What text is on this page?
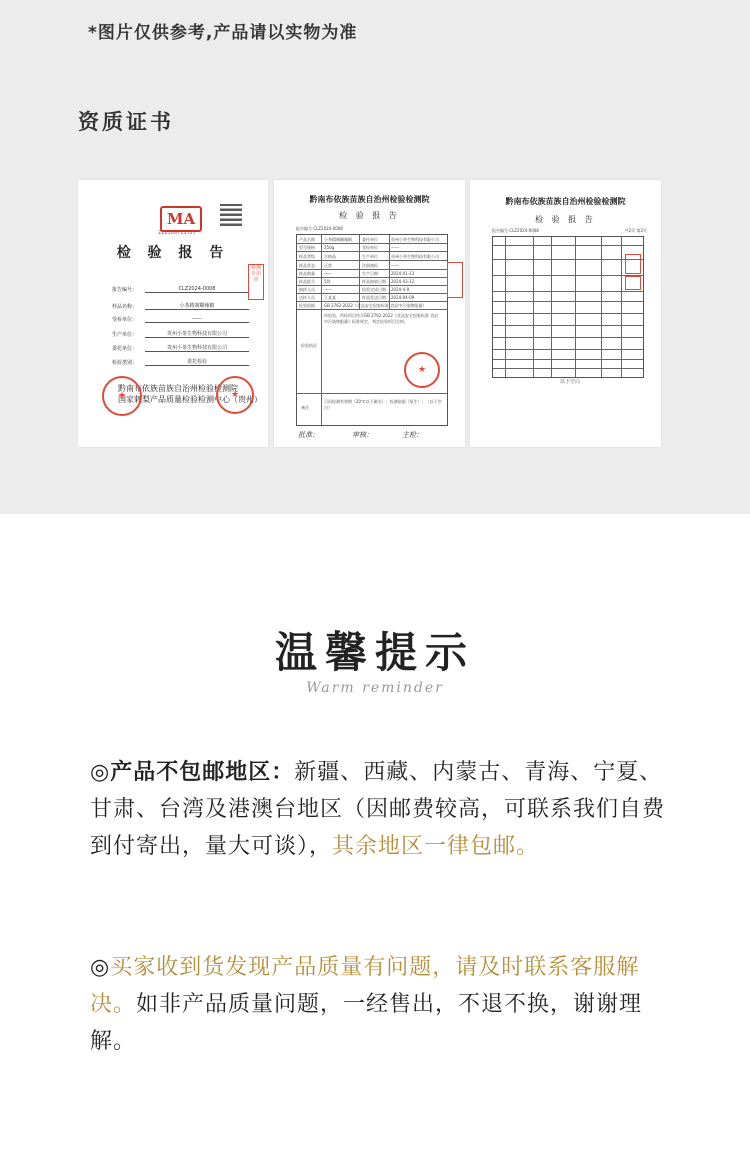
*图片仅供参考,产品请以实物为准
资质证书
MA
212300711727
检 验 报 告
报告编号：	CLZ2024-0008
样品名称：	小茶精制糊辣椒
受检单位：	——
生产单位：	贵州小茶生物科技有限公司
委托单位：	贵州小茶生物科技有限公司
检验类别：	委托检验
黔南布依族苗族自治州检验检测院
国家刺梨产品质量检验检测中心（贵州）
★
★
检测专用章
黔南布依族苗族自治州检验检测院
检 验 报 告
报告编号 CLZ2024-0008
产品名称 小茶精制糊辣椒	委托单位	贵州小茶生物科技有限公司
型号规格 250g	受检单位	——
样品等级 合格品	生产单位	贵州小茶生物科技有限公司
样品状态 正常	注册商标	——
样品数量 ——	生产日期	2024-01-13
样品批号 5袋	样品接收日期 2024-03-12
抽样人员 ——	检验完成日期 2024-4-9
送样人员 王某某	样品发送日期 2024-04-09
检验依据 GB 2762-2022《食品安全国家标准 食品中污染物限量》
检验结论
经检验，所检项目符合GB 2762-2022《食品安全国家标准 食品中污染物限量》标准规定，判定检验项目合格。
备注
可再检测有效期（20℃以下避光）；检测依据（原生）；（以下空白）
★
批准：	审核：	主检：
黔南布依族苗族自治州检验检测院
检 验 报 告
报告编号 CLZ2024-0008	共2页 第2页
以下空白
温馨提示
Warm reminder
◎产品不包邮地区：新疆、西藏、内蒙古、青海、宁夏、甘肃、台湾及港澳台地区（因邮费较高，可联系我们自费到付寄出，量大可谈），其余地区一律包邮。
◎买家收到货发现产品质量有问题，请及时联系客服解决。如非产品质量问题，一经售出，不退不换，谢谢理解。
